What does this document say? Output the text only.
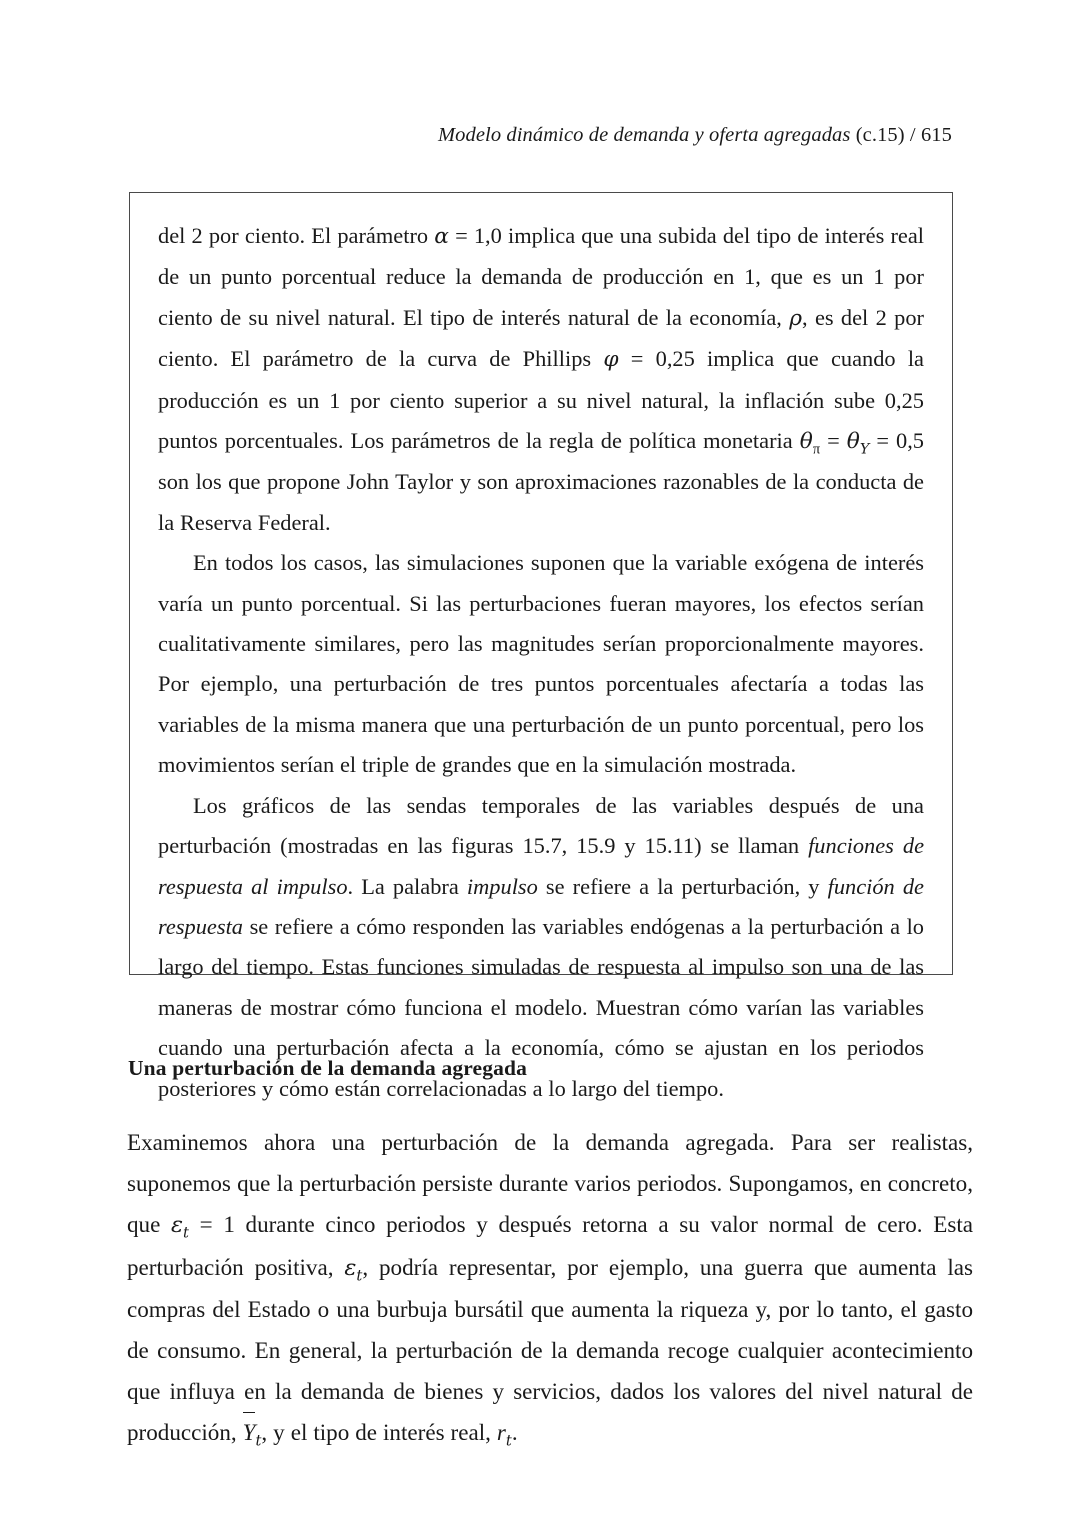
Modelo dinámico de demanda y oferta agregadas (c.15) / 615

del 2 por ciento. El parámetro α = 1,0 implica que una subida del tipo de interés real de un punto porcentual reduce la demanda de producción en 1, que es un 1 por ciento de su nivel natural. El tipo de interés natural de la economía, ρ, es del 2 por ciento. El parámetro de la curva de Phillips φ = 0,25 implica que cuando la producción es un 1 por ciento superior a su nivel natural, la inflación sube 0,25 puntos porcentuales. Los parámetros de la regla de política monetaria $\theta_\pi = \theta_Y = 0,5$ son los que propone John Taylor y son aproximaciones razonables de la conducta de la Reserva Federal.

En todos los casos, las simulaciones suponen que la variable exógena de interés varía un punto porcentual. Si las perturbaciones fueran mayores, los efectos serían cualitativamente similares, pero las magnitudes serían proporcionalmente mayores. Por ejemplo, una perturbación de tres puntos porcentuales afectaría a todas las variables de la misma manera que una perturbación de un punto porcentual, pero los movimientos serían el triple de grandes que en la simulación mostrada.

Los gráficos de las sendas temporales de las variables después de una perturbación (mostradas en las figuras 15.7, 15.9 y 15.11) se llaman funciones de respuesta al impulso. La palabra impulso se refiere a la perturbación, y función de respuesta se refiere a cómo responden las variables endógenas a la perturbación a lo largo del tiempo. Estas funciones simuladas de respuesta al impulso son una de las maneras de mostrar cómo funciona el modelo. Muestran cómo varían las variables cuando una perturbación afecta a la economía, cómo se ajustan en los periodos posteriores y cómo están correlacionadas a lo largo del tiempo.

Una perturbación de la demanda agregada

Examinemos ahora una perturbación de la demanda agregada. Para ser realistas, suponemos que la perturbación persiste durante varios periodos. Supongamos, en concreto, que $\varepsilon_t = 1$ durante cinco periodos y después retorna a su valor normal de cero. Esta perturbación positiva, $\varepsilon_t$, podría representar, por ejemplo, una guerra que aumenta las compras del Estado o una burbuja bursátil que aumenta la riqueza y, por lo tanto, el gasto de consumo. En general, la perturbación de la demanda recoge cualquier acontecimiento que influya en la demanda de bienes y servicios, dados los valores del nivel natural de producción,
$Y_t$, y el tipo de interés real, $r_t$.
